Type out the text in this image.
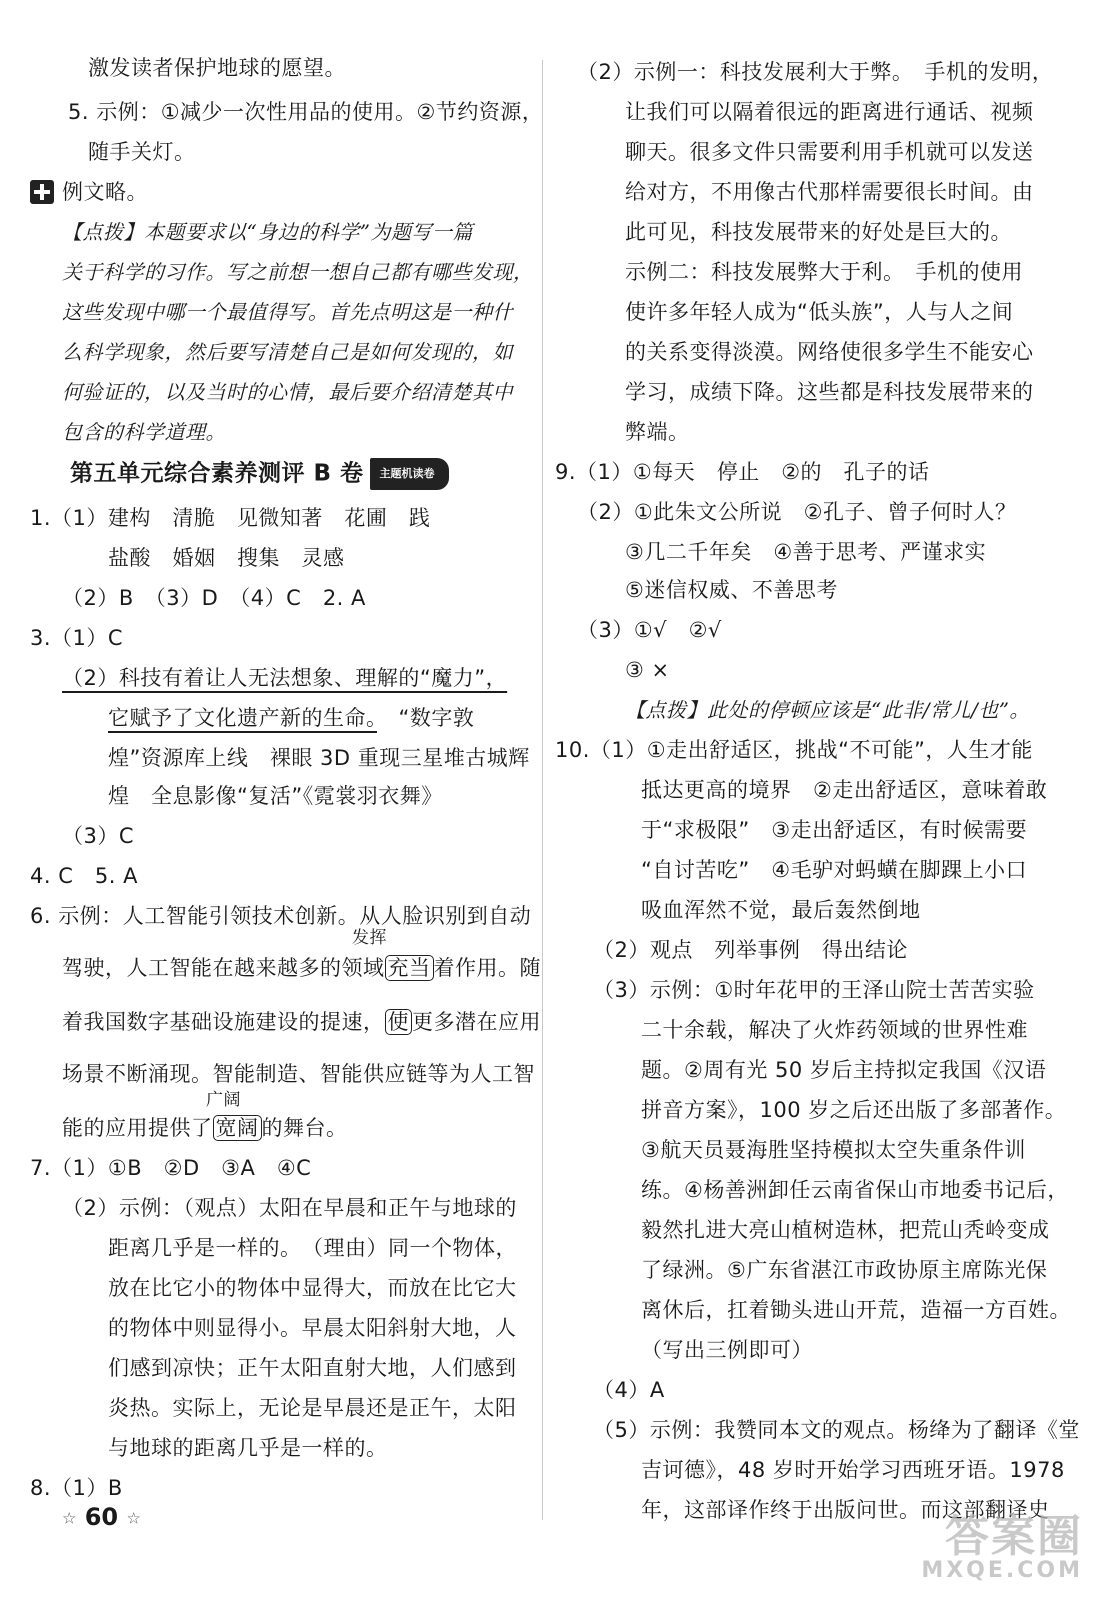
激发读者保护地球的愿望。
5. 示例：①减少一次性用品的使用。②节约资源，
随手关灯。
例文略。
【点拨】本题要求以“身边的科学”为题写一篇
关于科学的习作。写之前想一想自己都有哪些发现，
这些发现中哪一个最值得写。首先点明这是一种什
么科学现象，然后要写清楚自己是如何发现的，如
何验证的，以及当时的心情，最后要介绍清楚其中
包含的科学道理。
第五单元综合素养测评 B 卷 主题机读卷
1.（1）建构　清脆　见微知著　花圃　践
盐酸　婚姻　搜集　灵感
（2）B　（3）D　（4）C　2. A
3.（1）C
（2）科技有着让人无法想象、理解的“魔力”，
它赋予了文化遗产新的生命。　 “数字敦
煌”资源库上线　裸眼 3D 重现三星堆古城辉
煌　全息影像“复活”《霓裳羽衣舞》
（3）C
4. C　5. A
6. 示例：人工智能引领技术创新。从人脸识别到自动
发挥
驾驶，人工智能在越来越多的领域 充当 着作用。随
着我国数字基础设施建设的提速， 使 更多潜在应用
场景不断涌现。智能制造、智能供应链等为人工智
广阔
能的应用提供了 宽阔 的舞台。
7.（1）①B　②D　③A　④C
（2）示例：（观点）太阳在早晨和正午与地球的
距离几乎是一样的。　（理由）同一个物体，
放在比它小的物体中显得大，而放在比它大
的物体中则显得小。早晨太阳斜射大地，人
们感到凉快；正午太阳直射大地，人们感到
炎热。实际上，无论是早晨还是正午，太阳
与地球的距离几乎是一样的。
8.（1）B
（2）示例一：科技发展利大于弊。　手机的发明，
让我们可以隔着很远的距离进行通话、视频
聊天。很多文件只需要利用手机就可以发送
给对方，不用像古代那样需要很长时间。由
此可见，科技发展带来的好处是巨大的。
示例二：科技发展弊大于利。　手机的使用
使许多年轻人成为“低头族”，人与人之间
的关系变得淡漠。网络使很多学生不能安心
学习，成绩下降。这些都是科技发展带来的
弊端。
9.（1）①每天　停止　②的　孔子的话
（2）①此朱文公所说　②孔子、曾子何时人？
③几二千年矣　④善于思考、严谨求实
⑤迷信权威、不善思考
（3）①√　②√
③ ×
【点拨】此处的停顿应该是“此非/常儿/也”。
10.（1）①走出舒适区，挑战“不可能”，人生才能
抵达更高的境界　②走出舒适区，意味着敢
于“求极限”　③走出舒适区，有时候需要
“自讨苦吃”　④毛驴对蚂蟥在脚踝上小口
吸血浑然不觉，最后轰然倒地
（2）观点　列举事例　得出结论
（3）示例：①时年花甲的王泽山院士苦苦实验
二十余载，解决了火炸药领域的世界性难
题。②周有光 50 岁后主持拟定我国《汉语
拼音方案》，100 岁之后还出版了多部著作。
③航天员聂海胜坚持模拟太空失重条件训
练。④杨善洲卸任云南省保山市地委书记后，
毅然扎进大亮山植树造林，把荒山秃岭变成
了绿洲。⑤广东省湛江市政协原主席陈光保
离休后，扛着锄头进山开荒，造福一方百姓。
（写出三例即可）
（4）A
（5）示例：我赞同本文的观点。杨绛为了翻译《堂
吉诃德》，48 岁时开始学习西班牙语。1978
年，这部译作终于出版问世。而这部翻译史
☆ 60 ☆	答案圈
MXQE.COM
